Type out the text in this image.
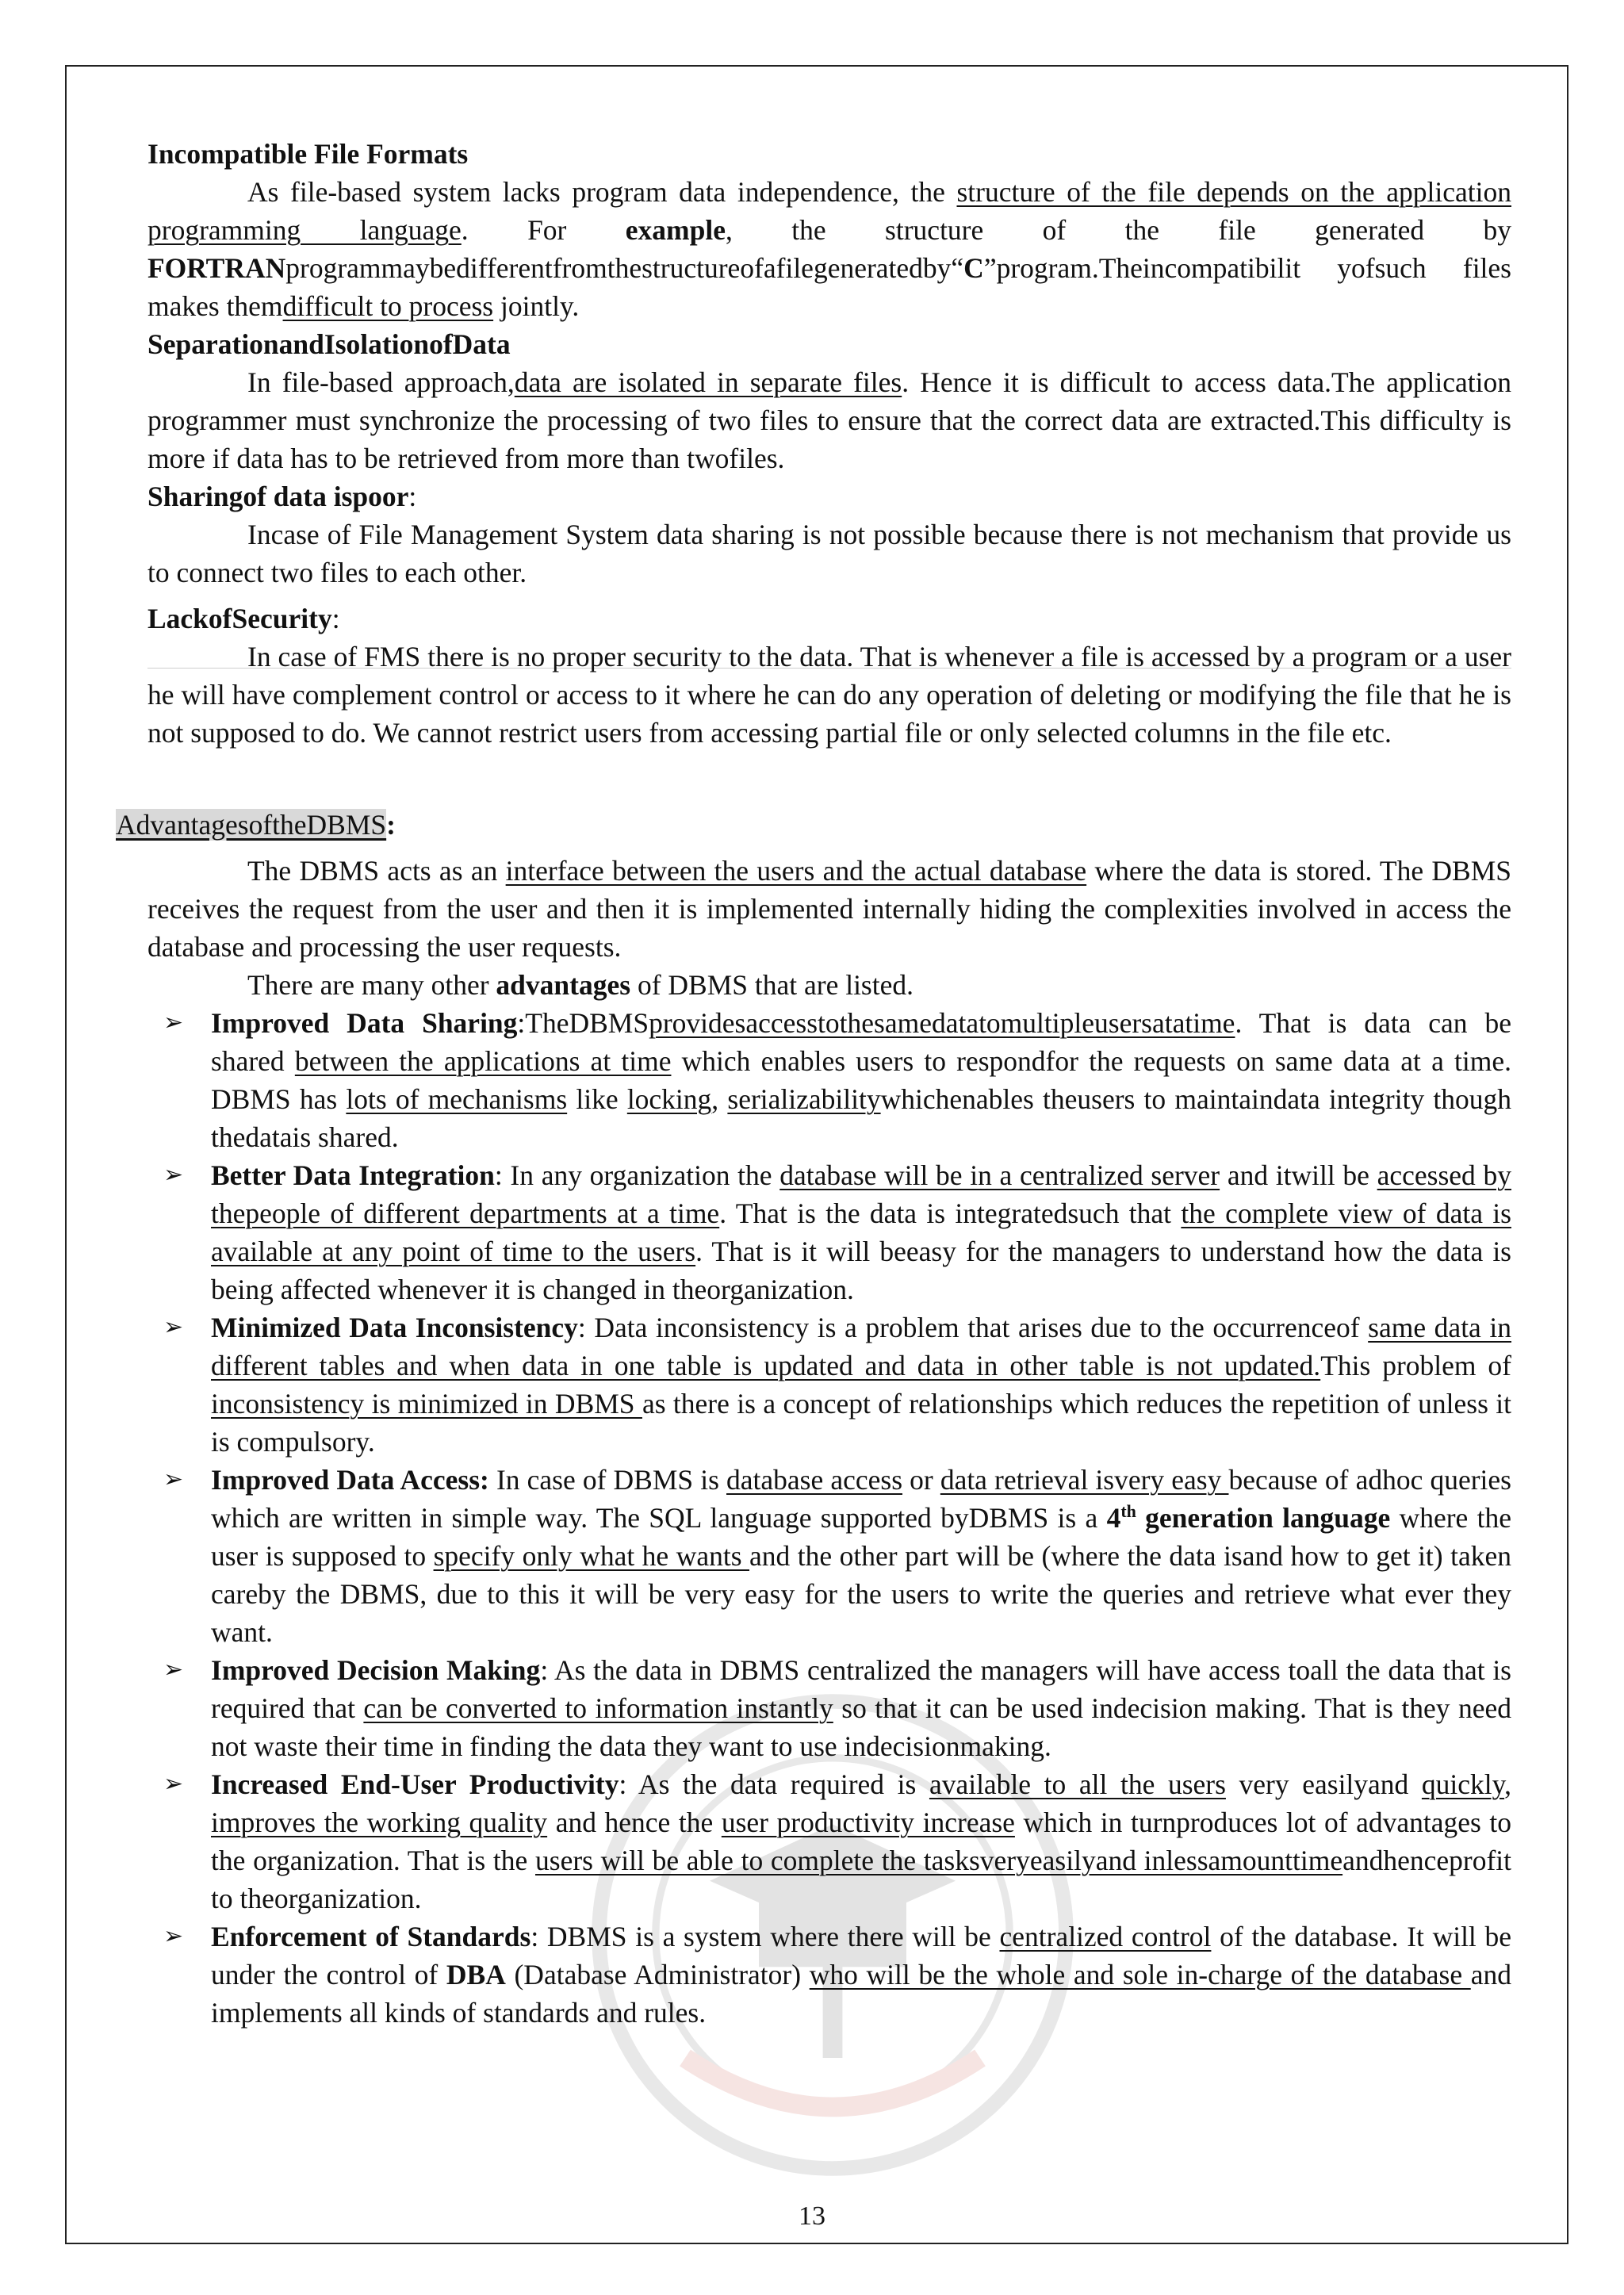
Incompatible File Formats

As file-based system lacks program data independence, the structure of the file depends on the application programming language. For example, the structure of the file generated by FORTRANprogrammaybedifferentfromthestructureofafilegeneratedby“C”program.Theincompatibilit yofsuch files makes themdifficult to process jointly.

SeparationandIsolationofData

In file-based approach,data are isolated in separate files. Hence it is difficult to access data.The application programmer must synchronize the processing of two files to ensure that the correct data are extracted.This difficulty is more if data has to be retrieved from more than twofiles.

Sharingof data ispoor:

Incase of File Management System data sharing is not possible because there is not mechanism that provide us to connect two files to each other.

LackofSecurity:

In case of FMS there is no proper security to the data. That is whenever a file is accessed by a program or a user he will have complement control or access to it where he can do any operation of deleting or modifying the file that he is not supposed to do. We cannot restrict users from accessing partial file or only selected columns in the file etc.

AdvantagesoftheDBMS:

The DBMS acts as an interface between the users and the actual database where the data is stored. The DBMS receives the request from the user and then it is implemented internally hiding the complexities involved in access the database and processing the user requests.

There are many other advantages of DBMS that are listed.

➢ Improved Data Sharing:TheDBMSprovidesaccesstothesamedatatomultipleusersatatime. That is data can be shared between the applications at time which enables users to respondfor the requests on same data at a time. DBMS has lots of mechanisms like locking, serializabilitywhichenables theusers to maintaindata integrity though thedatais shared.
➢ Better Data Integration: In any organization the database will be in a centralized server and itwill be accessed by thepeople of different departments at a time. That is the data is integratedsuch that the complete view of data is available at any point of time to the users. That is it will beeasy for the managers to understand how the data is being affected whenever it is changed in theorganization.
➢ Minimized Data Inconsistency: Data inconsistency is a problem that arises due to the occurrenceof same data in different tables and when data in one table is updated and data in other table is not updated.This problem of inconsistency is minimized in DBMS as there is a concept of relationships which reduces the repetition of unless it is compulsory.
➢ Improved Data Access: In case of DBMS is database access or data retrieval isvery easy because of adhoc queries which are written in simple way. The SQL language supported byDBMS is a 4th generation language where the user is supposed to specify only what he wants and the other part will be (where the data isand how to get it) taken careby the DBMS, due to this it will be very easy for the users to write the queries and retrieve what ever they want.
➢ Improved Decision Making: As the data in DBMS centralized the managers will have access toall the data that is required that can be converted to information instantly so that it can be used indecision making. That is they need not waste their time in finding the data they want to use indecisionmaking.
➢ Increased End-User Productivity: As the data required is available to all the users very easilyand quickly, improves the working quality and hence the user productivity increase which in turnproduces lot of advantages to the organization. That is the users will be able to complete the tasksveryeasilyand inlessamounttimeandhenceprofit to theorganization.
➢ Enforcement of Standards: DBMS is a system where there will be centralized control of the database. It will be under the control of DBA (Database Administrator) who will be the whole and sole in-charge of the database and implements all kinds of standards and rules.
13
